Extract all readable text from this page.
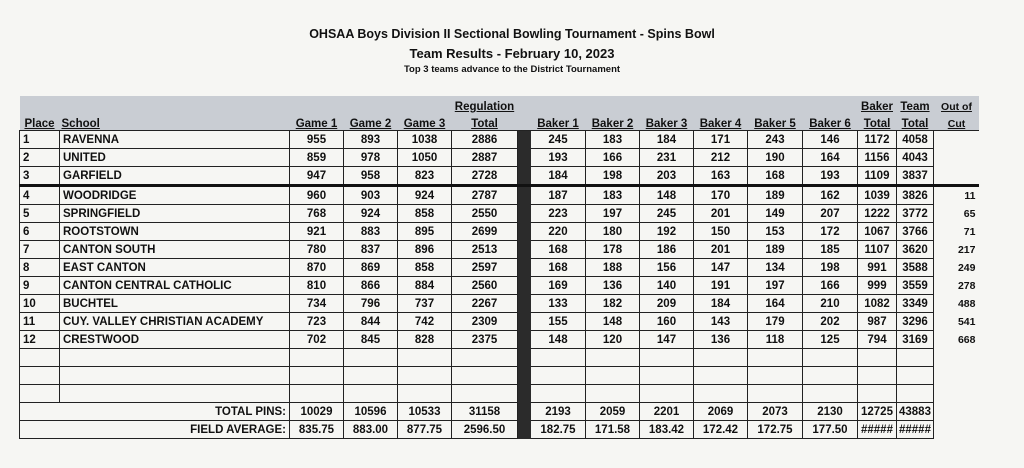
OHSAA Boys Division II Sectional Bowling Tournament - Spins Bowl
Team Results - February 10, 2023
Top 3 teams advance to the District Tournament
					Regulation								Baker	Team	Out of
Place	School	Game 1	Game 2	Game 3	Total		Baker 1	Baker 2	Baker 3	Baker 4	Baker 5	Baker 6	Total	Total	Cut
1	RAVENNA	955	893	1038	2886		245	183	184	171	243	146	1172	4058	
2	UNITED	859	978	1050	2887		193	166	231	212	190	164	1156	4043	
3	GARFIELD	947	958	823	2728		184	198	203	163	168	193	1109	3837	
4	WOODRIDGE	960	903	924	2787		187	183	148	170	189	162	1039	3826	11
5	SPRINGFIELD	768	924	858	2550		223	197	245	201	149	207	1222	3772	65
6	ROOTSTOWN	921	883	895	2699		220	180	192	150	153	172	1067	3766	71
7	CANTON SOUTH	780	837	896	2513		168	178	186	201	189	185	1107	3620	217
8	EAST CANTON	870	869	858	2597		168	188	156	147	134	198	991	3588	249
9	CANTON CENTRAL CATHOLIC	810	866	884	2560		169	136	140	191	197	166	999	3559	278
10	BUCHTEL	734	796	737	2267		133	182	209	184	164	210	1082	3349	488
11	CUY. VALLEY CHRISTIAN ACADEMY	723	844	742	2309		155	148	160	143	179	202	987	3296	541
12	CRESTWOOD	702	845	828	2375		148	120	147	136	118	125	794	3169	668

TOTAL PINS:		10029	10596	10533	31158		2193	2059	2201	2069	2073	2130	12725	43883	
FIELD AVERAGE:		835.75	883.00	877.75	2596.50		182.75	171.58	183.42	172.42	172.75	177.50	#####	#####	
